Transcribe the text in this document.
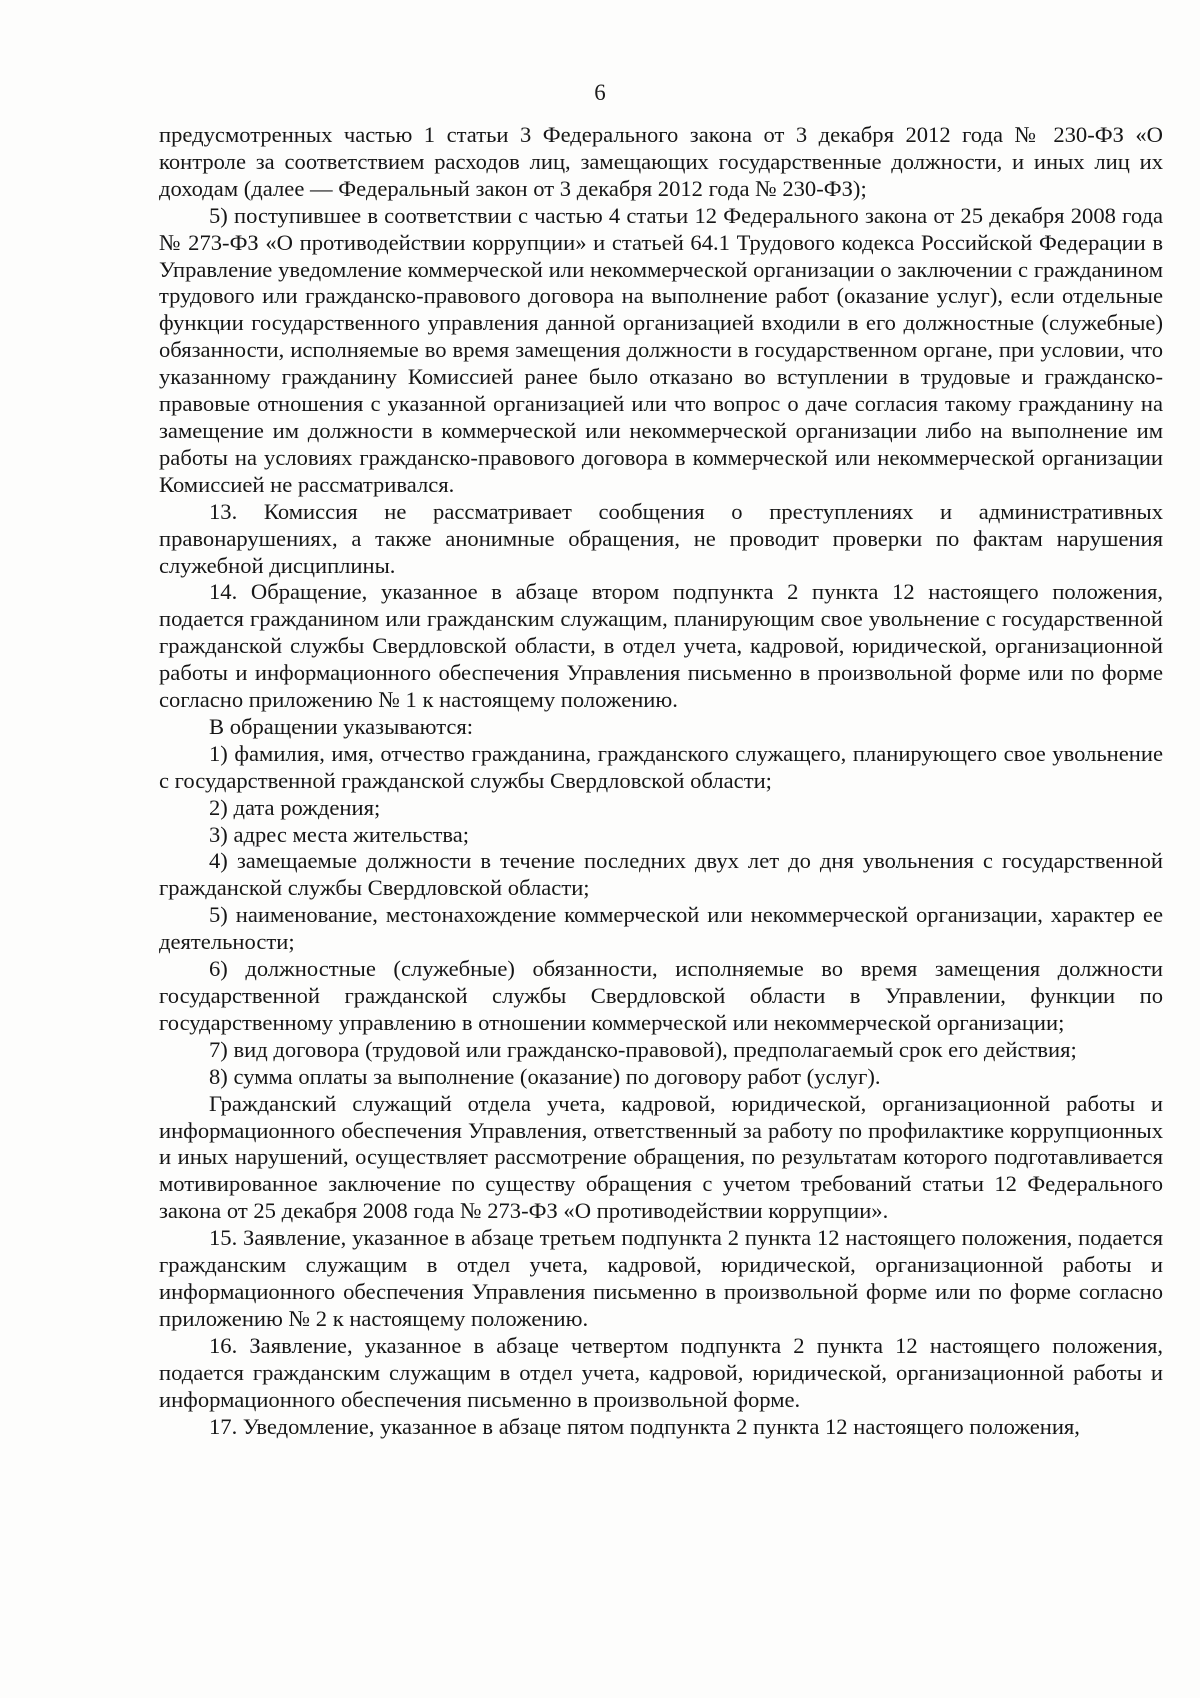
6

предусмотренных частью 1 статьи 3 Федерального закона от 3 декабря 2012 года № 230-ФЗ «О контроле за соответствием расходов лиц, замещающих государственные должности, и иных лиц их доходам (далее — Федеральный закон от 3 декабря 2012 года № 230-ФЗ);

5) поступившее в соответствии с частью 4 статьи 12 Федерального закона от 25 декабря 2008 года № 273-ФЗ «О противодействии коррупции» и статьей 64.1 Трудового кодекса Российской Федерации в Управление уведомление коммерческой или некоммерческой организации о заключении с гражданином трудового или гражданско-правового договора на выполнение работ (оказание услуг), если отдельные функции государственного управления данной организацией входили в его должностные (служебные) обязанности, исполняемые во время замещения должности в государственном органе, при условии, что указанному гражданину Комиссией ранее было отказано во вступлении в трудовые и гражданско-правовые отношения с указанной организацией или что вопрос о даче согласия такому гражданину на замещение им должности в коммерческой или некоммерческой организации либо на выполнение им работы на условиях гражданско-правового договора в коммерческой или некоммерческой организации Комиссией не рассматривался.

13. Комиссия не рассматривает сообщения о преступлениях и административных правонарушениях, а также анонимные обращения, не проводит проверки по фактам нарушения служебной дисциплины.

14. Обращение, указанное в абзаце втором подпункта 2 пункта 12 настоящего положения, подается гражданином или гражданским служащим, планирующим свое увольнение с государственной гражданской службы Свердловской области, в отдел учета, кадровой, юридической, организационной работы и информационного обеспечения Управления письменно в произвольной форме или по форме согласно приложению № 1 к настоящему положению.

В обращении указываются:

1) фамилия, имя, отчество гражданина, гражданского служащего, планирующего свое увольнение с государственной гражданской службы Свердловской области;

2) дата рождения;

3) адрес места жительства;

4) замещаемые должности в течение последних двух лет до дня увольнения с государственной гражданской службы Свердловской области;

5) наименование, местонахождение коммерческой или некоммерческой организации, характер ее деятельности;

6) должностные (служебные) обязанности, исполняемые во время замещения должности государственной гражданской службы Свердловской области в Управлении, функции по государственному управлению в отношении коммерческой или некоммерческой организации;

7) вид договора (трудовой или гражданско-правовой), предполагаемый срок его действия;

8) сумма оплаты за выполнение (оказание) по договору работ (услуг).

Гражданский служащий отдела учета, кадровой, юридической, организационной работы и информационного обеспечения Управления, ответственный за работу по профилактике коррупционных и иных нарушений, осуществляет рассмотрение обращения, по результатам которого подготавливается мотивированное заключение по существу обращения с учетом требований статьи 12 Федерального закона от 25 декабря 2008 года № 273-ФЗ «О противодействии коррупции».

15. Заявление, указанное в абзаце третьем подпункта 2 пункта 12 настоящего положения, подается гражданским служащим в отдел учета, кадровой, юридической, организационной работы и информационного обеспечения Управления письменно в произвольной форме или по форме согласно приложению № 2 к настоящему положению.

16. Заявление, указанное в абзаце четвертом подпункта 2 пункта 12 настоящего положения, подается гражданским служащим в отдел учета, кадровой, юридической, организационной работы и информационного обеспечения письменно в произвольной форме.

17. Уведомление, указанное в абзаце пятом подпункта 2 пункта 12 настоящего положения,
